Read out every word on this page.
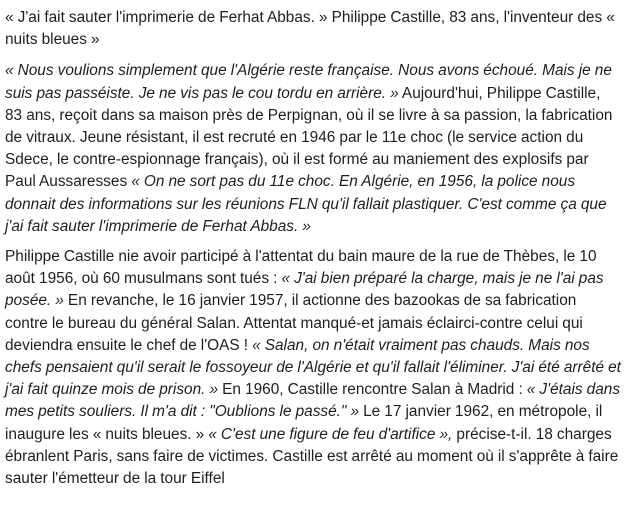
« J'ai fait sauter l'imprimerie de Ferhat Abbas. » Philippe Castille, 83 ans, l'inventeur des « nuits bleues »

« Nous voulions simplement que l'Algérie reste française. Nous avons échoué. Mais je ne suis pas passéiste. Je ne vis pas le cou tordu en arrière. » Aujourd'hui, Philippe Castille, 83 ans, reçoit dans sa maison près de Perpignan, où il se livre à sa passion, la fabrication de vitraux. Jeune résistant, il est recruté en 1946 par le 11e choc (le service action du Sdece, le contre-espionnage français), où il est formé au maniement des explosifs par Paul Aussaresses « On ne sort pas du 11e choc. En Algérie, en 1956, la police nous donnait des informations sur les réunions FLN qu'il fallait plastiquer. C'est comme ça que j'ai fait sauter l'imprimerie de Ferhat Abbas. »

Philippe Castille nie avoir participé à l'attentat du bain maure de la rue de Thèbes, le 10 août 1956, où 60 musulmans sont tués : « J'ai bien préparé la charge, mais je ne l'ai pas posée. » En revanche, le 16 janvier 1957, il actionne des bazookas de sa fabrication contre le bureau du général Salan. Attentat manqué-et jamais éclairci-contre celui qui deviendra ensuite le chef de l'OAS ! « Salan, on n'était vraiment pas chauds. Mais nos chefs pensaient qu'il serait le fossoyeur de l'Algérie et qu'il fallait l'éliminer. J'ai été arrêté et j'ai fait quinze mois de prison. » En 1960, Castille rencontre Salan à Madrid : « J'étais dans mes petits souliers. Il m'a dit : "Oublions le passé." » Le 17 janvier 1962, en métropole, il inaugure les « nuits bleues. » « C'est une figure de feu d'artifice », précise-t-il. 18 charges ébranlent Paris, sans faire de victimes. Castille est arrêté au moment où il s'apprête à faire sauter l'émetteur de la tour Eiffel
